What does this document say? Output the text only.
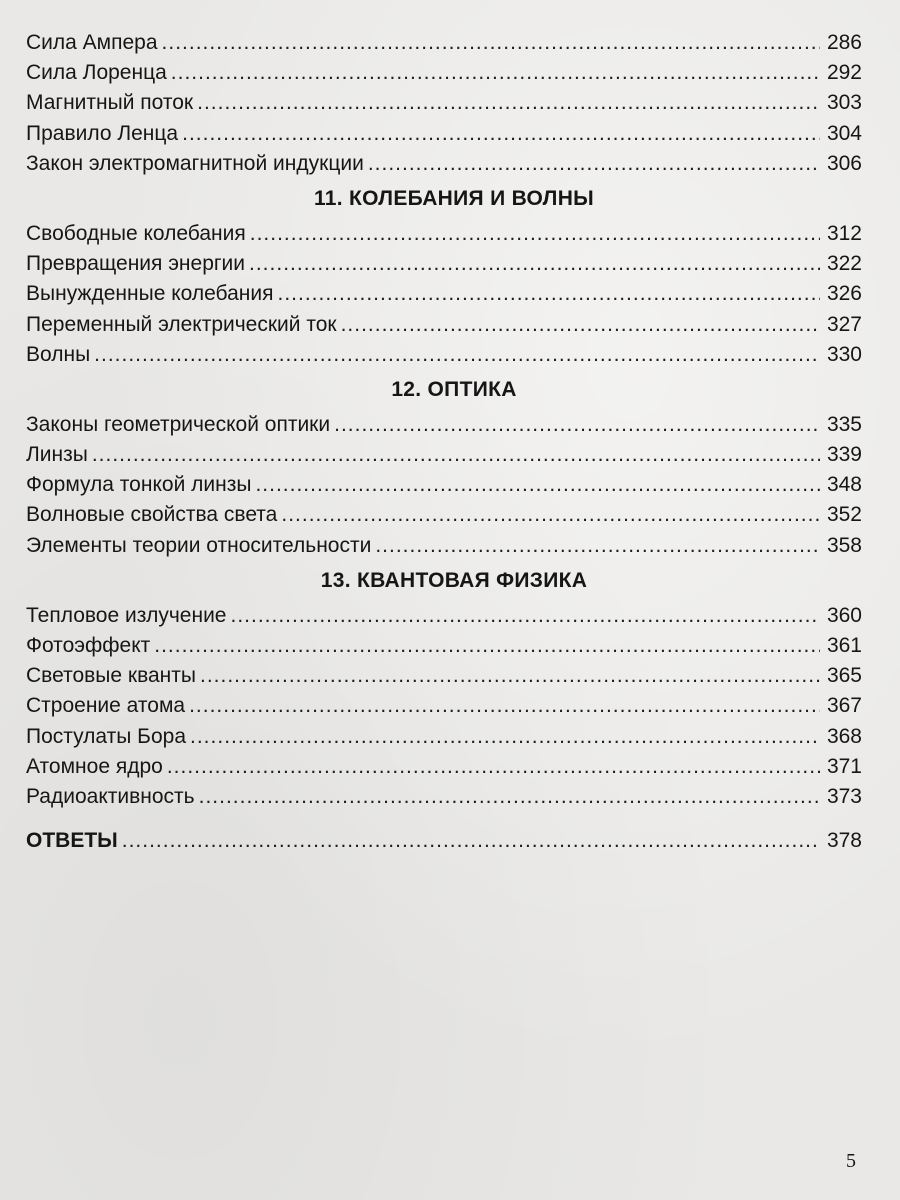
Сила Ампера .....	286
Сила Лоренца .....	292
Магнитный поток .....	303
Правило Ленца .....	304
Закон электромагнитной индукции .....	306
11. КОЛЕБАНИЯ И ВОЛНЫ
Свободные колебания .....	312
Превращения энергии .....	322
Вынужденные колебания .....	326
Переменный электрический ток .....	327
Волны .....	330
12. ОПТИКА
Законы геометрической оптики .....	335
Линзы .....	339
Формула тонкой линзы .....	348
Волновые свойства света .....	352
Элементы теории относительности .....	358
13. КВАНТОВАЯ ФИЗИКА
Тепловое излучение .....	360
Фотоэффект .....	361
Световые кванты .....	365
Строение атома .....	367
Постулаты Бора .....	368
Атомное ядро .....	371
Радиоактивность .....	373
ОТВЕТЫ .....	378
5
